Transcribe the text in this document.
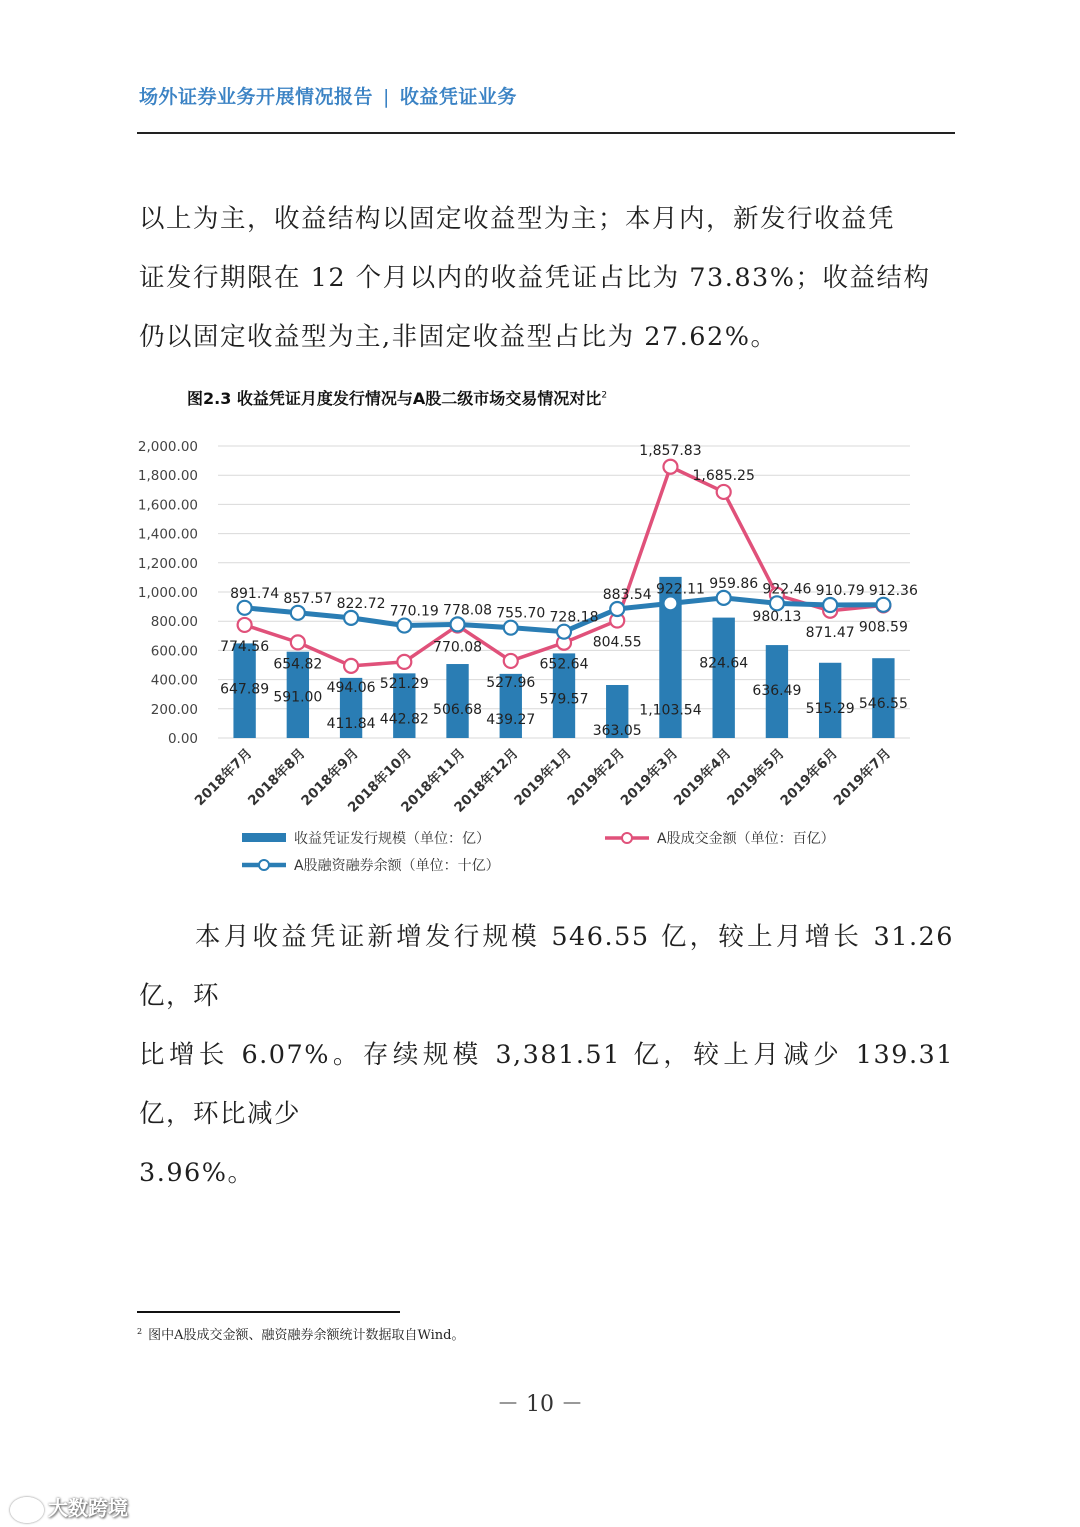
场外证券业务开展情况报告 | 收益凭证业务

以上为主，收益结构以固定收益型为主；本月内，新发行收益凭

证发行期限在 12 个月以内的收益凭证占比为 73.83%；收益结构

仍以固定收益型为主,非固定收益型占比为 27.62%。

图2.3 收益凭证月度发行情况与A股二级市场交易情况对比$^2$
0.00
200.00
400.00
600.00
800.00
1,000.00
1,200.00
1,400.00
1,600.00
1,800.00
2,000.00
647.89
591.00
411.84 442.82
506.68
439.27
579.57
363.05
1,103.54
824.64
636.49
515.29 546.55
774.56
654.82
494.06 521.29
770.08
527.96
652.64
804.55
1,857.83
1,685.25
980.13
871.47 908.59
891.74 857.57 822.72 770.19 778.08 755.70 728.18
883.54 922.11 959.86 922.46 910.79 912.36
2018年7月
2018年8月
2018年9月
2018年10月
2018年11月
2018年12月
2019年1月
2019年2月
2019年3月
2019年4月
2019年5月
2019年6月
2019年7月
收益凭证发行规模（单位：亿）	A股成交金额（单位：百亿）
A股融资融券余额（单位：十亿）

本月收益凭证新增发行规模 546.55 亿，较上月增长 31.26 亿，环

比增长 6.07%。存续规模 3,381.51 亿，较上月减少 139.31 亿，环比减少

3.96%。

$^2$ 图中A股成交金额、融资融券余额统计数据取自Wind。
－ 10 －
大数跨境
